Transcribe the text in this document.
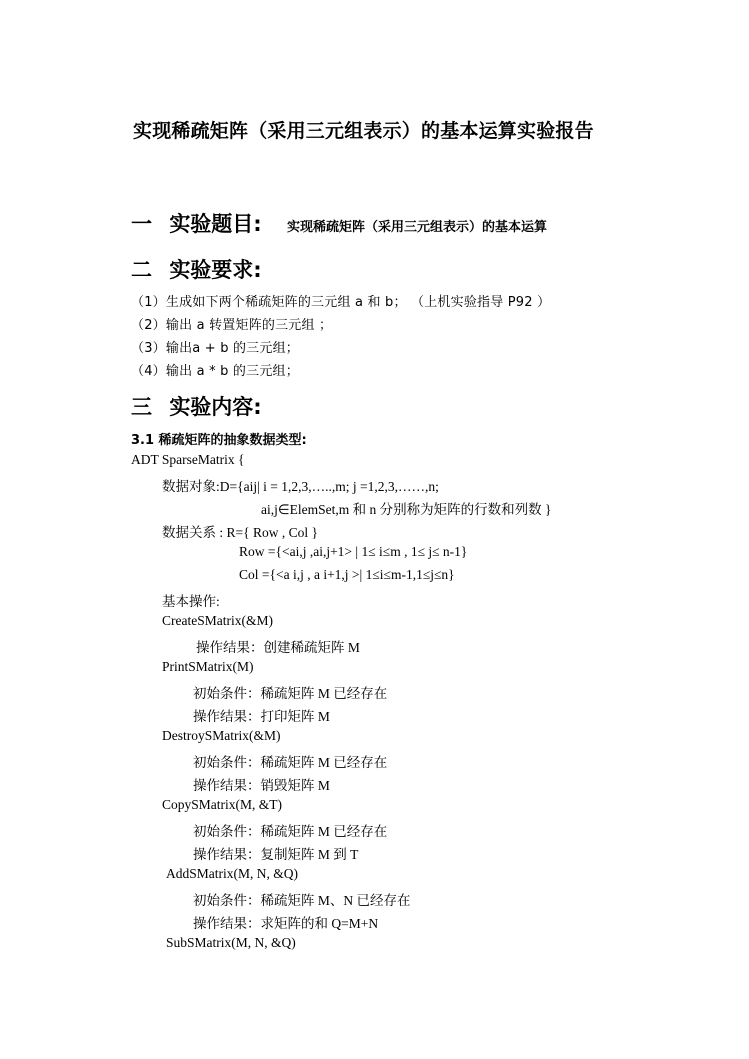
实现稀疏矩阵（采用三元组表示）的基本运算实验报告
一 实验题目: 实现稀疏矩阵（采用三元组表示）的基本运算
二 实验要求:
（1）生成如下两个稀疏矩阵的三元组 a 和 b； （上机实验指导 P92 ）
（2）输出 a 转置矩阵的三元组 ；
（3）输出a + b 的三元组；
（4）输出 a * b 的三元组；
三 实验内容:
3.1 稀疏矩阵的抽象数据类型:
ADT SparseMatrix {
数据对象:D={aij| i = 1,2,3,…..,m; j =1,2,3,……,n;
ai,j∈ElemSet,m 和 n 分别称为矩阵的行数和列数 }
数据关系 : R={ Row , Col }
Row ={<ai,j ,ai,j+1> | 1≤ i≤m , 1≤ j≤ n-1}
Col ={<a i,j , a i+1,j >| 1≤i≤m-1,1≤j≤n}
基本操作:
CreateSMatrix(&M)
操作结果：创建稀疏矩阵 M
PrintSMatrix(M)
初始条件：稀疏矩阵 M 已经存在
操作结果：打印矩阵 M
DestroySMatrix(&M)
初始条件：稀疏矩阵 M 已经存在
操作结果：销毁矩阵 M
CopySMatrix(M, &T)
初始条件：稀疏矩阵 M 已经存在
操作结果：复制矩阵 M 到 T
AddSMatrix(M, N, &Q)
初始条件：稀疏矩阵 M、N 已经存在
操作结果：求矩阵的和 Q=M+N
SubSMatrix(M, N, &Q)
